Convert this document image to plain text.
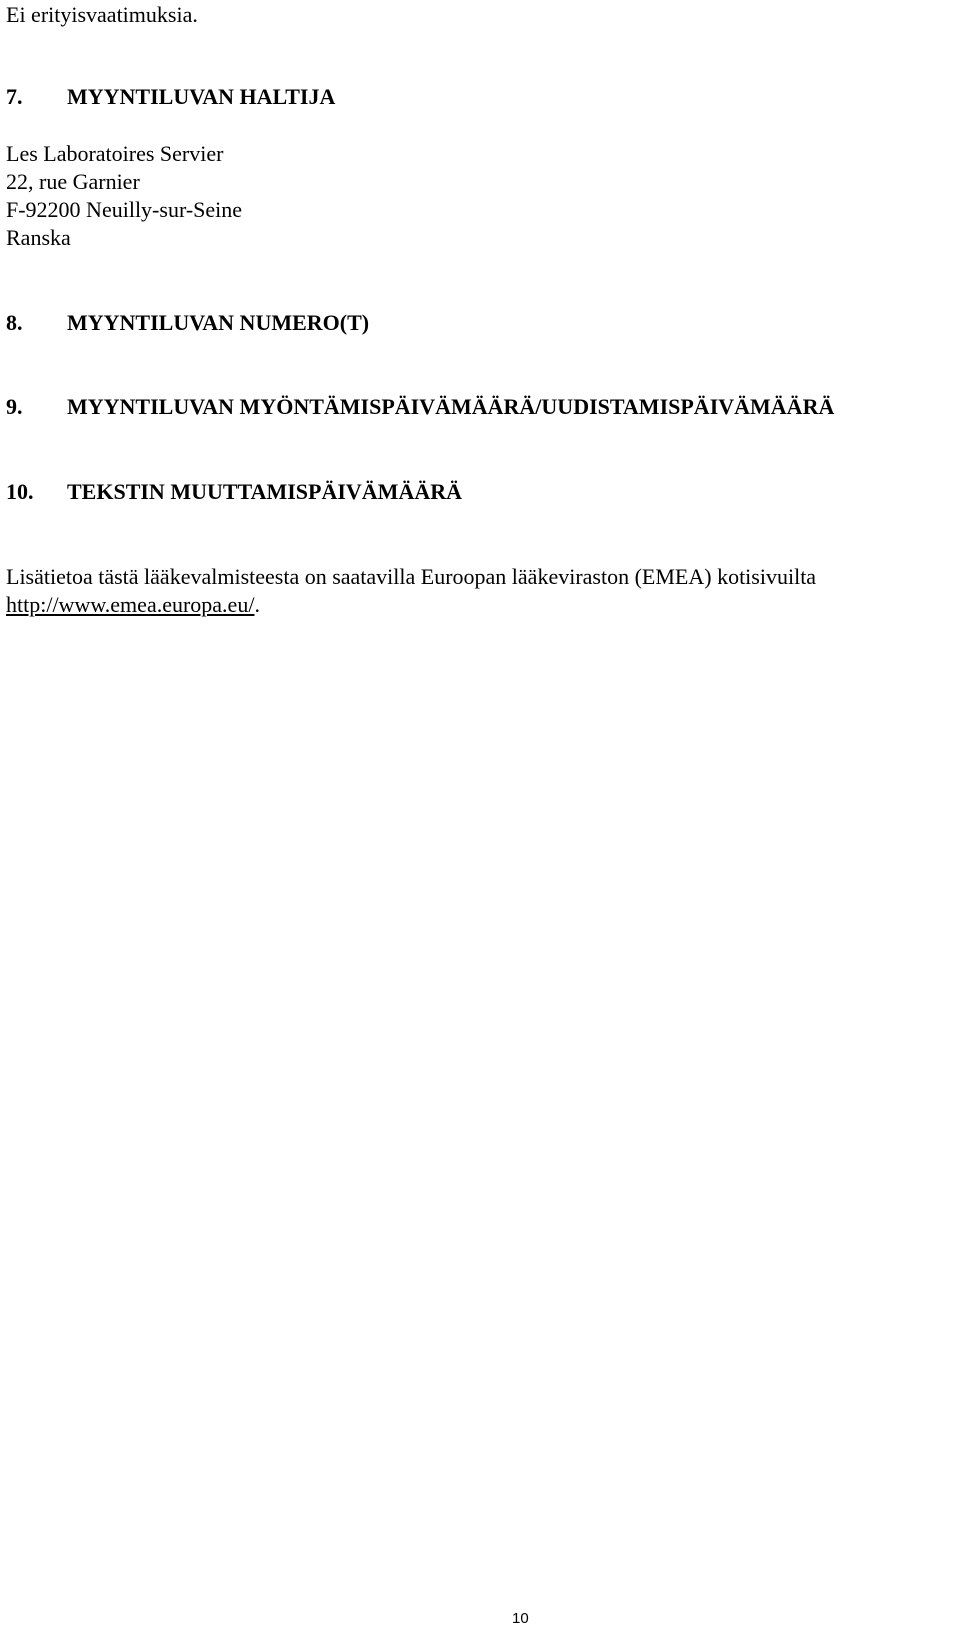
Ei erityisvaatimuksia.
7. MYYNTILUVAN HALTIJA
Les Laboratoires Servier
22, rue Garnier
F-92200 Neuilly-sur-Seine
Ranska
8. MYYNTILUVAN NUMERO(T)
9. MYYNTILUVAN MYÖNTÄMISPÄIVÄMÄÄRÄ/UUDISTAMISPÄIVÄMÄÄRÄ
10. TEKSTIN MUUTTAMISPÄIVÄMÄÄRÄ
Lisätietoa tästä lääkevalmisteesta on saatavilla Euroopan lääkeviraston (EMEA) kotisivuilta
http://www.emea.europa.eu/.
10
